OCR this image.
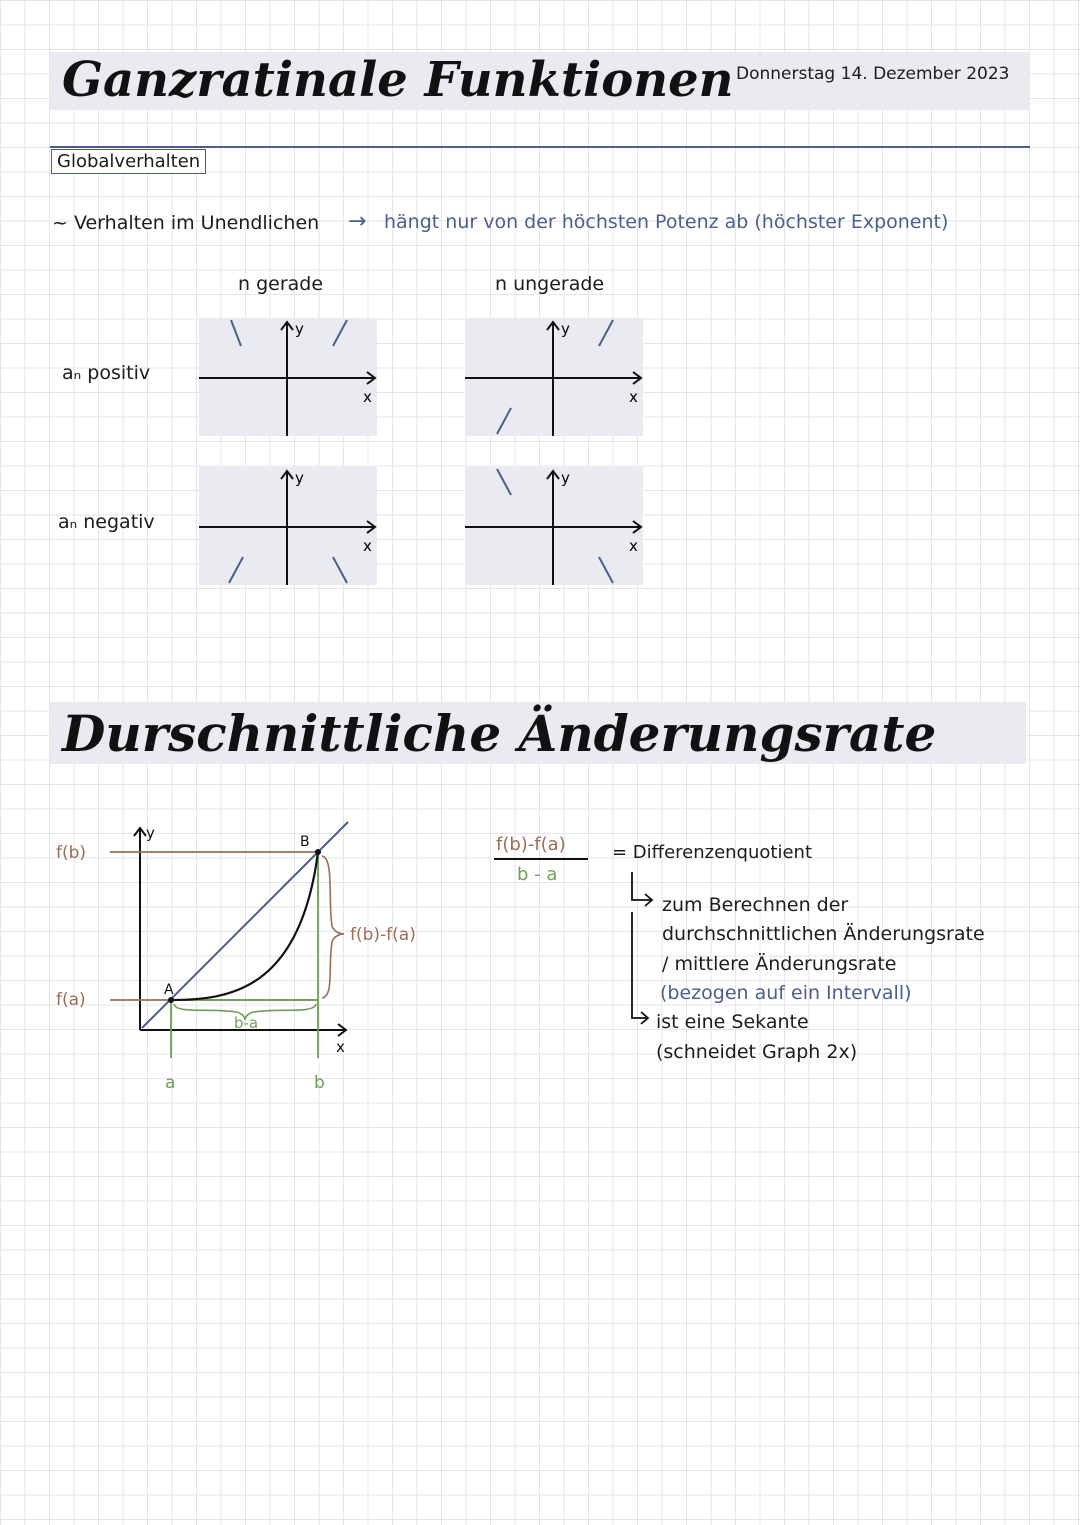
Ganzratinale Funktionen Donnerstag 14. Dezember 2023
Globalverhalten
~ Verhalten im Unendlichen → hängt nur von der höchsten Potenz ab (höchster Exponent)
n gerade	n ungerade
aₙ positiv
aₙ negativ
y
x
y
x
y
x
y
x
Durschnittliche Änderungsrate
f(b)
f(a)	A
B
f(b)-f(a)
b-a
a	b
x
y
f(b)-f(a)
b - a
= Differenzenquotient
zum Berechnen der
durchschnittlichen Änderungsrate
/ mittlere Änderungsrate
(bezogen auf ein Intervall)
ist eine Sekante
(schneidet Graph 2x)
